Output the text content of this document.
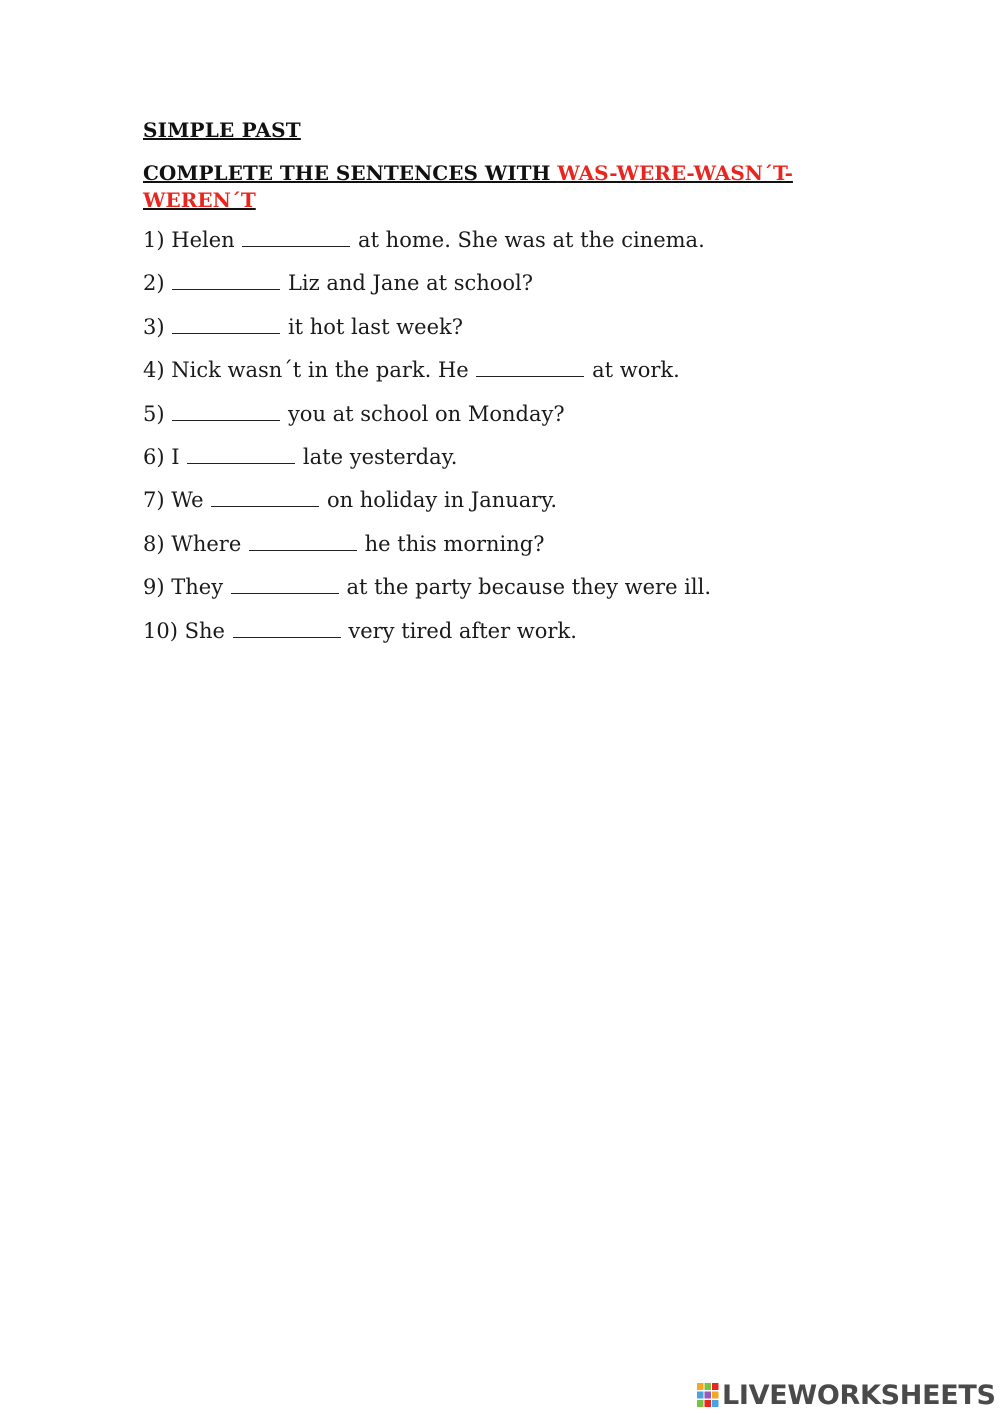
SIMPLE PAST
COMPLETE THE SENTENCES WITH WAS-WERE-WASN´T-WEREN´T
1) Helen	at home. She was at the cinema.
2)	Liz and Jane at school?
3)	it hot last week?
4) Nick wasn´t in the park. He	at work.
5)	you at school on Monday?
6) I	late yesterday.
7) We	on holiday in January.
8) Where	he this morning?
9) They	at the party because they were ill.
10) She	very tired after work.
LIVEWORKSHEETS
